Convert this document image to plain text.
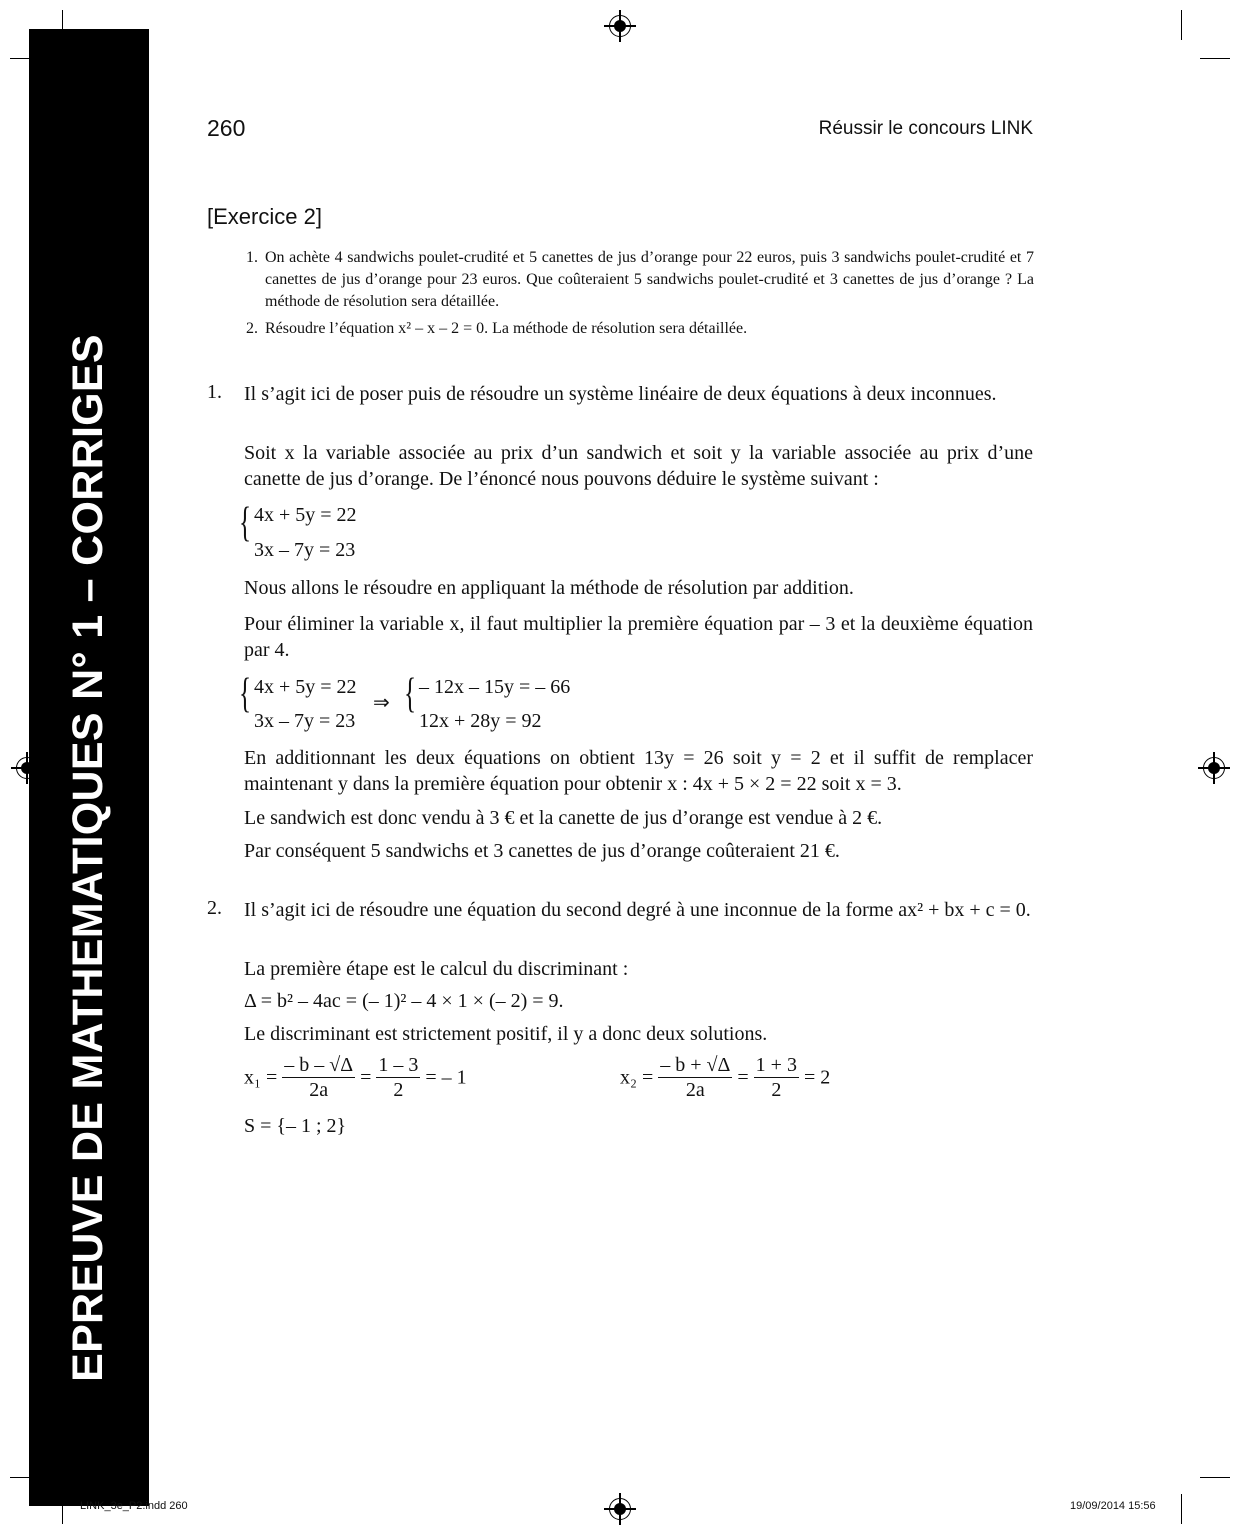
EPREUVE DE MATHEMATIQUES N° 1 – CORRIGES
260	Réussir le concours LINK
[Exercice 2]
1. On achète 4 sandwichs poulet-crudité et 5 canettes de jus d’orange pour 22 euros, puis 3 sandwichs poulet-crudité et 7 canettes de jus d’orange pour 23 euros. Que coûteraient 5 sandwichs poulet-crudité et 3 canettes de jus d’orange ? La méthode de résolution sera détaillée.
2. Résoudre l’équation x² – x – 2 = 0. La méthode de résolution sera détaillée.
1. Il s’agit ici de poser puis de résoudre un système linéaire de deux équations à deux inconnues.
Soit x la variable associée au prix d’un sandwich et soit y la variable associée au prix d’une canette de jus d’orange. De l’énoncé nous pouvons déduire le système suivant :
{ 4x + 5y = 22
3x – 7y = 23
Nous allons le résoudre en appliquant la méthode de résolution par addition.
Pour éliminer la variable x, il faut multiplier la première équation par – 3 et la deuxième équation par 4.
{ 4x + 5y = 22
3x – 7y = 23
⇒ { – 12x – 15y = – 66
12x + 28y = 92
En additionnant les deux équations on obtient 13y = 26 soit y = 2 et il suffit de remplacer maintenant y dans la première équation pour obtenir x : 4x + 5 × 2 = 22 soit x = 3.
Le sandwich est donc vendu à 3 € et la canette de jus d’orange est vendue à 2 €.
Par conséquent 5 sandwichs et 3 canettes de jus d’orange coûteraient 21 €.
2. Il s’agit ici de résoudre une équation du second degré à une inconnue de la forme ax² + bx + c = 0.
La première étape est le calcul du discriminant :
Δ = b² – 4ac = (– 1)² – 4 × 1 × (– 2) = 9.
Le discriminant est strictement positif, il y a donc deux solutions.
$x_1 = \frac{- b - √\Delta}{2a} = \frac{1 - 3}{2}$ = – 1	$x_2 = \frac{- b + √\Delta}{2a} = \frac{1 + 3}{2} = 2$
S = {– 1 ; 2}
LINK_3e_P2.indd 260	19/09/2014 15:56
